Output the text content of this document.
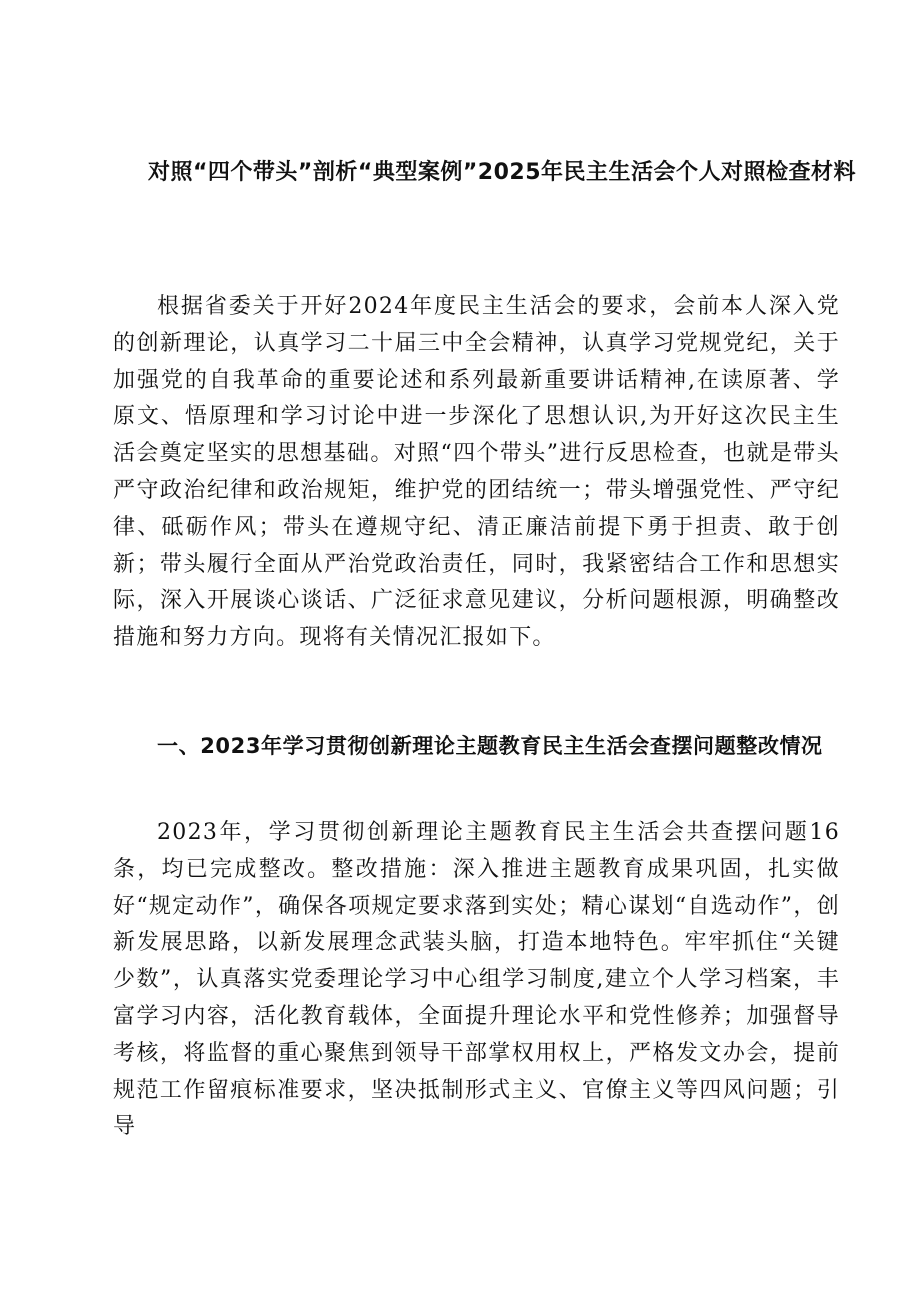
对照“四个带头”剖析“典型案例”2025年民主生活会个人对照检查材料

根据省委关于开好2024年度民主生活会的要求，会前本人深入党的创新理论，认真学习二十届三中全会精神，认真学习党规党纪，关于加强党的自我革命的重要论述和系列最新重要讲话精神,在读原著、学原文、悟原理和学习讨论中进一步深化了思想认识,为开好这次民主生活会奠定坚实的思想基础。对照“四个带头”进行反思检查，也就是带头严守政治纪律和政治规矩，维护党的团结统一；带头增强党性、严守纪律、砥砺作风；带头在遵规守纪、清正廉洁前提下勇于担责、敢于创新；带头履行全面从严治党政治责任，同时，我紧密结合工作和思想实际，深入开展谈心谈话、广泛征求意见建议，分析问题根源，明确整改措施和努力方向。现将有关情况汇报如下。

一、2023年学习贯彻创新理论主题教育民主生活会查摆问题整改情况

2023年，学习贯彻创新理论主题教育民主生活会共查摆问题16条，均已完成整改。整改措施：深入推进主题教育成果巩固，扎实做好“规定动作”，确保各项规定要求落到实处；精心谋划“自选动作”，创新发展思路，以新发展理念武装头脑，打造本地特色。牢牢抓住“关键少数”，认真落实党委理论学习中心组学习制度,建立个人学习档案，丰富学习内容，活化教育载体，全面提升理论水平和党性修养；加强督导考核，将监督的重心聚焦到领导干部掌权用权上，严格发文办会，提前规范工作留痕标准要求，坚决抵制形式主义、官僚主义等四风问题；引导
